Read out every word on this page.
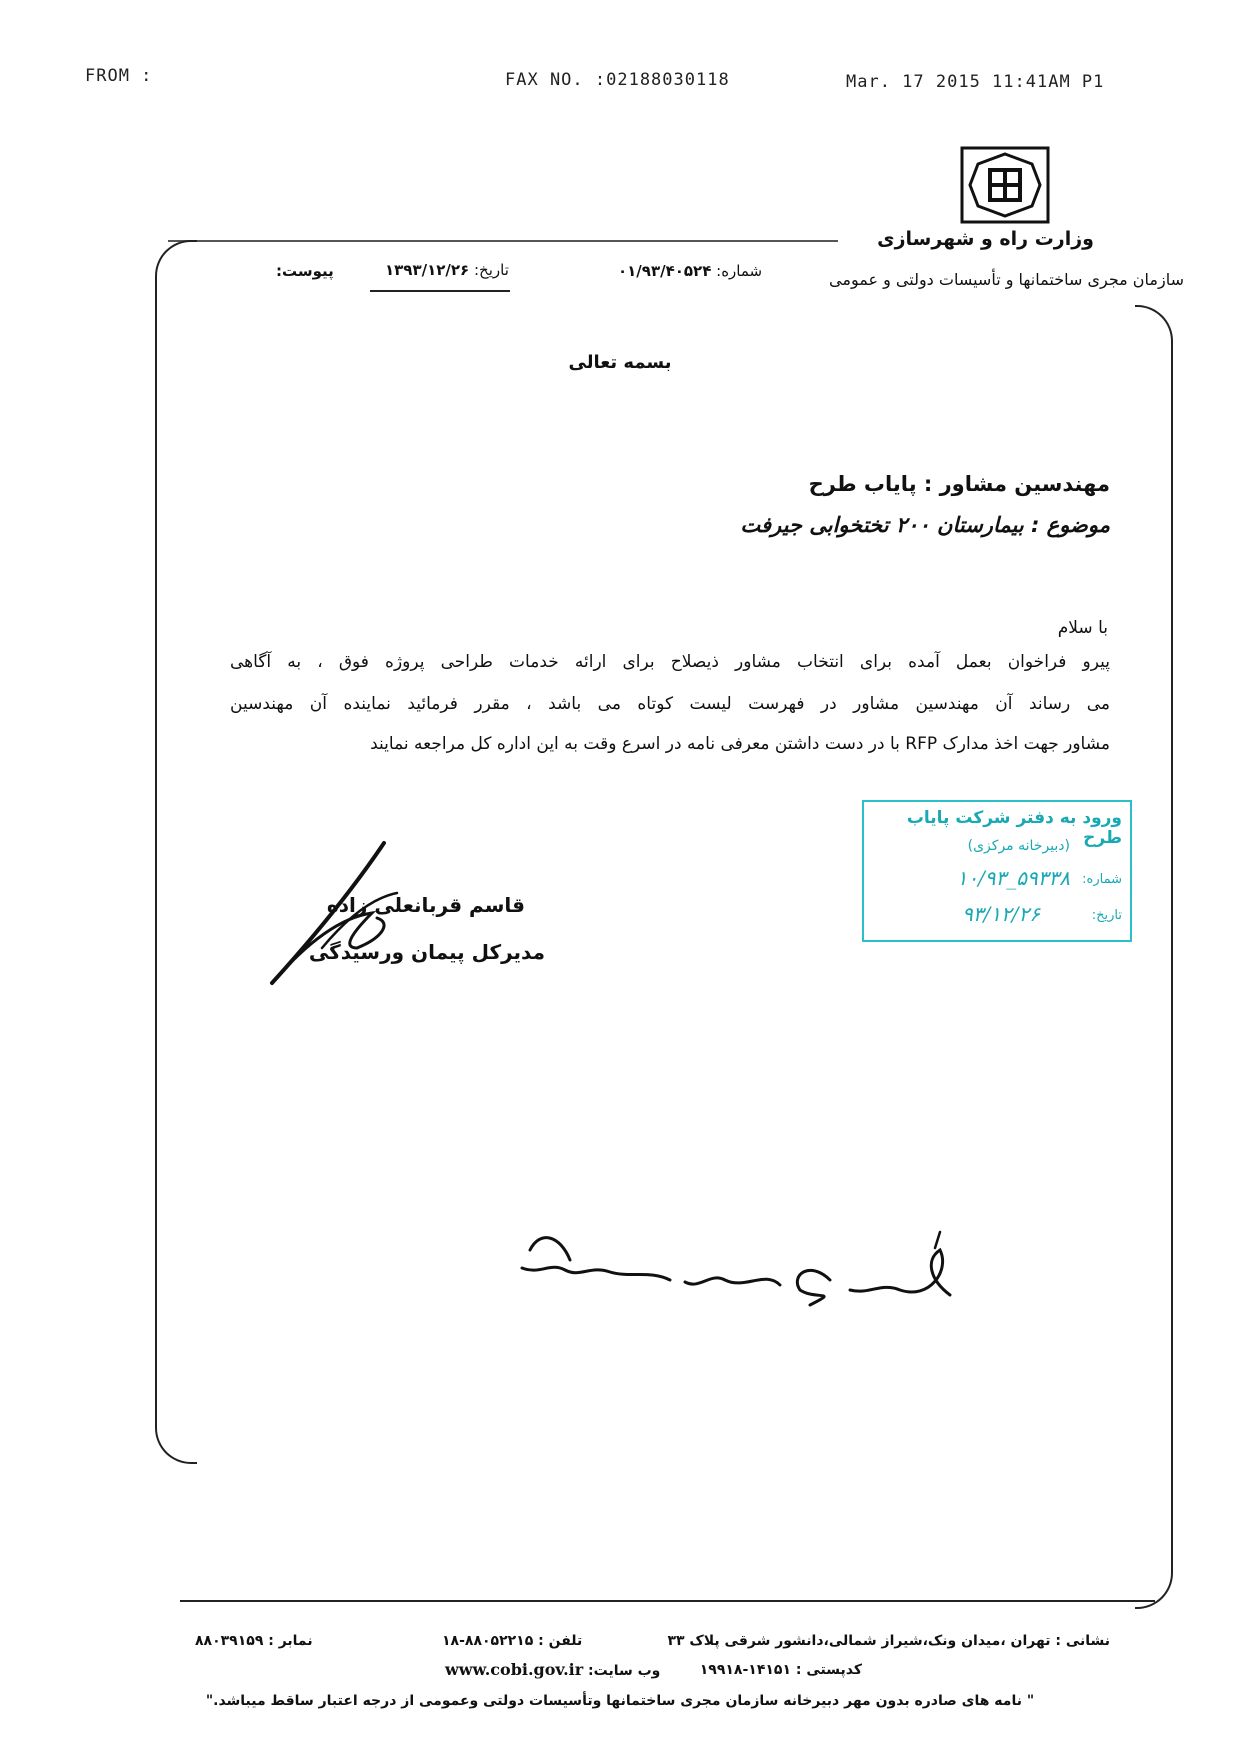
FROM :	FAX NO. :02188030118	Mar. 17 2015 11:41AM P1
وزارت راه و شهرسازی
سازمان مجری ساختمانها و تأسیسات دولتی و عمومی
شماره: ۰۱/۹۳/۴۰۵۲۴
تاریخ: ۱۳۹۳/۱۲/۲۶
پیوست:
بسمه تعالی
مهندسین مشاور : پایاب طرح
موضوع : بیمارستان ۲۰۰ تختخوابی جیرفت
با سلام
پیرو فراخوان بعمل آمده برای انتخاب مشاور ذیصلاح برای ارائه خدمات طراحی پروژه فوق ، به آگاهی
می رساند آن مهندسین مشاور در فهرست لیست کوتاه می باشد ، مقرر فرمائید نماینده آن مهندسین
مشاور جهت اخذ مدارک RFP با در دست داشتن معرفی نامه در اسرع وقت به این اداره کل مراجعه نمایند
ورود به دفتر شرکت پایاب طرح
(دبیرخانه مرکزی)
شماره:
۱۰/۹۳_۵۹۳۳۸
تاریخ:
۹۳/۱۲/۲۶
قاسم قربانعلی زاده
مدیرکل پیمان ورسیدگی
نشانی : تهران ،میدان ونک،شیراز شمالی،دانشور شرقی پلاک ۳۳
تلفن : ۸۸۰۵۲۲۱۵-۱۸
نمابر : ۸۸۰۳۹۱۵۹
کدپستی : ۱۴۱۵۱-۱۹۹۱۸
وب سایت: www.cobi.gov.ir
" نامه های صادره بدون مهر دبیرخانه سازمان مجری ساختمانها وتأسیسات دولتی وعمومی از درجه اعتبار ساقط میباشد."
